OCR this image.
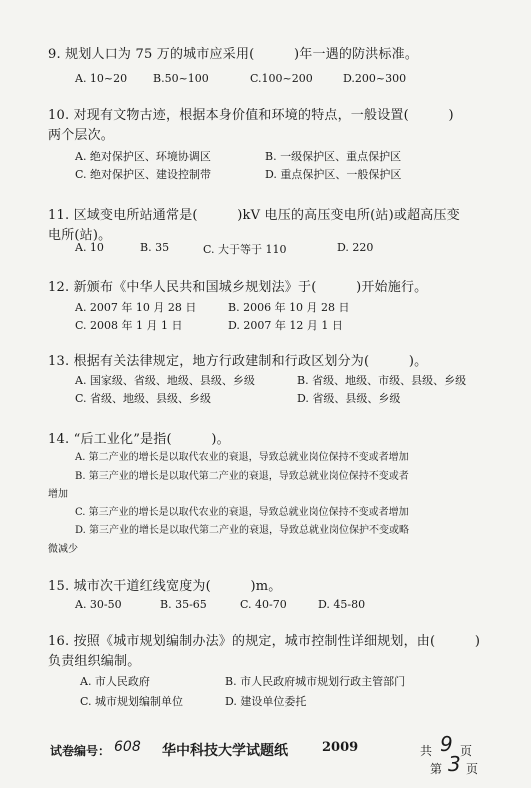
9. 规划人口为 75 万的城市应采用(　　　)年一遇的防洪标准。
A. 10~20 B.50~100	C.100~200	D.200~300
10. 对现有文物古迹，根据本身价值和环境的特点，一般设置(　　　)
两个层次。
A. 绝对保护区、环境协调区	B. 一级保护区、重点保护区
C. 绝对保护区、建设控制带	D. 重点保护区、一般保护区
11. 区域变电所站通常是(　　　)kV 电压的高压变电所(站)或超高压变
电所(站)。
A. 10	B. 35	C. 大于等于 110	D. 220
12. 新颁布《中华人民共和国城乡规划法》于(　　　)开始施行。
A. 2007 年 10 月 28 日	B. 2006 年 10 月 28 日
C. 2008 年 1 月 1 日	D. 2007 年 12 月 1 日
13. 根据有关法律规定，地方行政建制和行政区划分为(　　　)。
A. 国家级、省级、地级、县级、乡级	B. 省级、地级、市级、县级、乡级
C. 省级、地级、县级、乡级	D. 省级、县级、乡级
14. “后工业化”是指(　　　)。
A. 第二产业的增长是以取代农业的衰退，导致总就业岗位保持不变或者增加
B. 第三产业的增长是以取代第二产业的衰退，导致总就业岗位保持不变或者
增加
C. 第三产业的增长是以取代农业的衰退，导致总就业岗位保持不变或者增加
D. 第三产业的增长是以取代第二产业的衰退，导致总就业岗位保护不变或略
微减少
15. 城市次干道红线宽度为(　　　)m。
A. 30-50	B. 35-65	C. 40-70	D. 45-80
16. 按照《城市规划编制办法》的规定，城市控制性详细规划，由(　　　)
负责组织编制。
A. 市人民政府	B. 市人民政府城市规划行政主管部门
C. 城市规划编制单位	D. 建设单位委托
试卷编号： 608 华中科技大学试题纸	2009	共 9 页
第 3 页
